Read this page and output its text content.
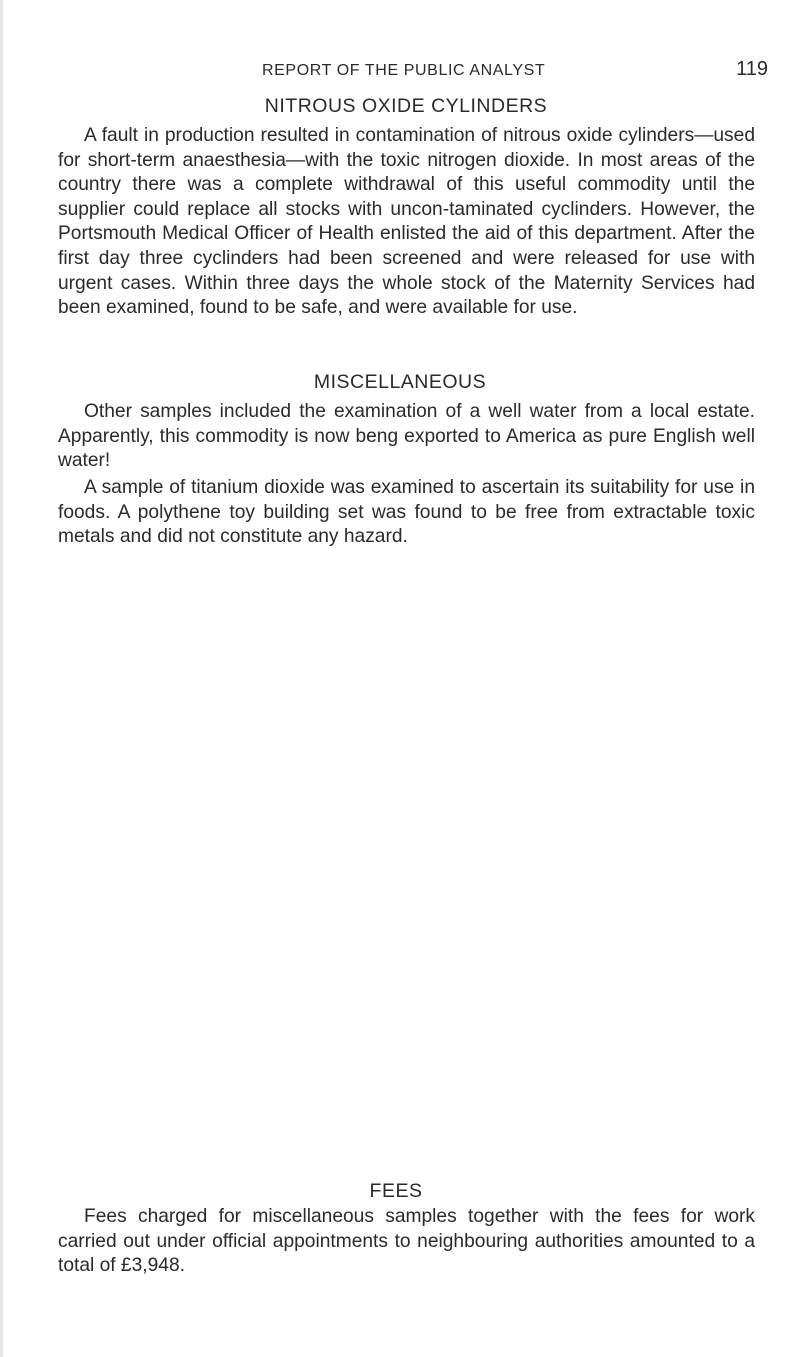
REPORT OF THE PUBLIC ANALYST	119
NITROUS OXIDE CYLINDERS

A fault in production resulted in contamination of nitrous oxide cylinders—used for short-term anaesthesia—with the toxic nitrogen dioxide. In most areas of the country there was a complete withdrawal of this useful commodity until the supplier could replace all stocks with uncon-taminated cyclinders. However, the Portsmouth Medical Officer of Health enlisted the aid of this department. After the first day three cyclinders had been screened and were released for use with urgent cases. Within three days the whole stock of the Maternity Services had been examined, found to be safe, and were available for use.

MISCELLANEOUS

Other samples included the examination of a well water from a local estate. Apparently, this commodity is now beng exported to America as pure English well water!

A sample of titanium dioxide was examined to ascertain its suitability for use in foods. A polythene toy building set was found to be free from extractable toxic metals and did not constitute any hazard.

FEES

Fees charged for miscellaneous samples together with the fees for work carried out under official appointments to neighbouring authorities amounted to a total of £3,948.
